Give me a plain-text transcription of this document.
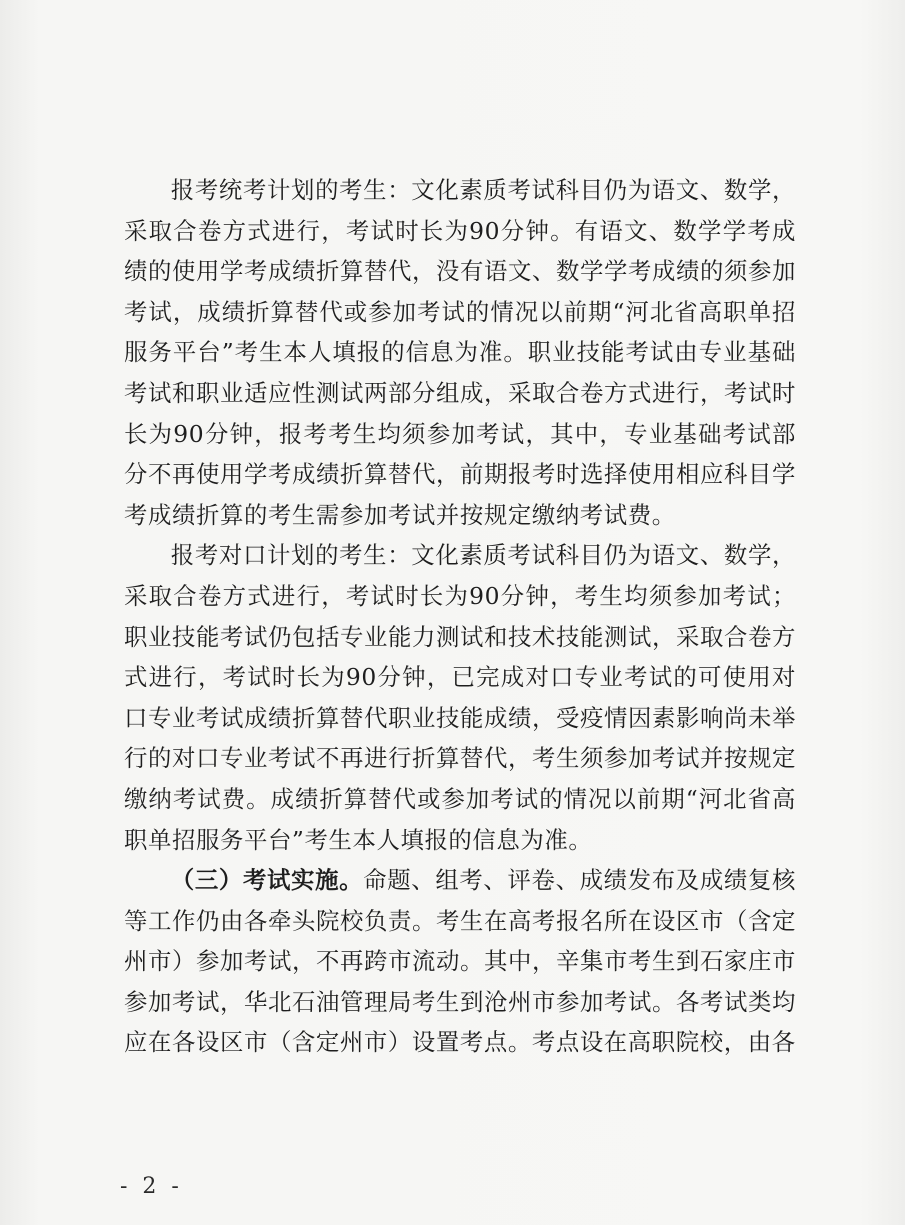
报考统考计划的考生：文化素质考试科目仍为语文、数学，采取合卷方式进行，考试时长为90分钟。有语文、数学学考成绩的使用学考成绩折算替代，没有语文、数学学考成绩的须参加考试，成绩折算替代或参加考试的情况以前期“河北省高职单招服务平台”考生本人填报的信息为准。职业技能考试由专业基础考试和职业适应性测试两部分组成，采取合卷方式进行，考试时长为90分钟，报考考生均须参加考试，其中，专业基础考试部分不再使用学考成绩折算替代，前期报考时选择使用相应科目学考成绩折算的考生需参加考试并按规定缴纳考试费。

报考对口计划的考生：文化素质考试科目仍为语文、数学，采取合卷方式进行，考试时长为90分钟，考生均须参加考试；职业技能考试仍包括专业能力测试和技术技能测试，采取合卷方式进行，考试时长为90分钟，已完成对口专业考试的可使用对口专业考试成绩折算替代职业技能成绩，受疫情因素影响尚未举行的对口专业考试不再进行折算替代，考生须参加考试并按规定缴纳考试费。成绩折算替代或参加考试的情况以前期“河北省高职单招服务平台”考生本人填报的信息为准。

（三）考试实施。命题、组考、评卷、成绩发布及成绩复核等工作仍由各牵头院校负责。考生在高考报名所在设区市（含定州市）参加考试，不再跨市流动。其中，辛集市考生到石家庄市参加考试，华北石油管理局考生到沧州市参加考试。各考试类均应在各设区市（含定州市）设置考点。考点设在高职院校，由各

- 2 -
